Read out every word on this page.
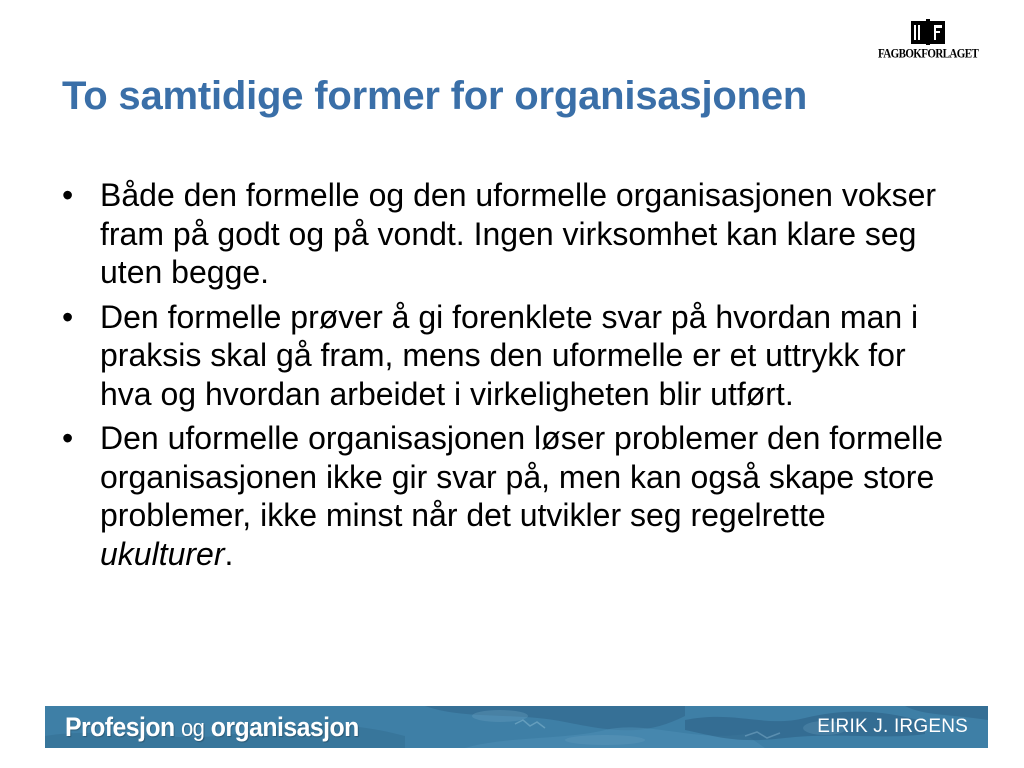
FAGBOKFORLAGET
To samtidige former for organisasjonen
• Både den formelle og den uformelle organisasjonen vokser fram på godt og på vondt. Ingen virksomhet kan klare seg uten begge.
• Den formelle prøver å gi forenklete svar på hvordan man i praksis skal gå fram, mens den uformelle er et uttrykk for hva og hvordan arbeidet i virkeligheten blir utført.
• Den uformelle organisasjonen løser problemer den formelle organisasjonen ikke gir svar på, men kan også skape store problemer, ikke minst når det utvikler seg regelrette ukulturer.
Profesjon og organisasjon	EIRIK J. IRGENS
